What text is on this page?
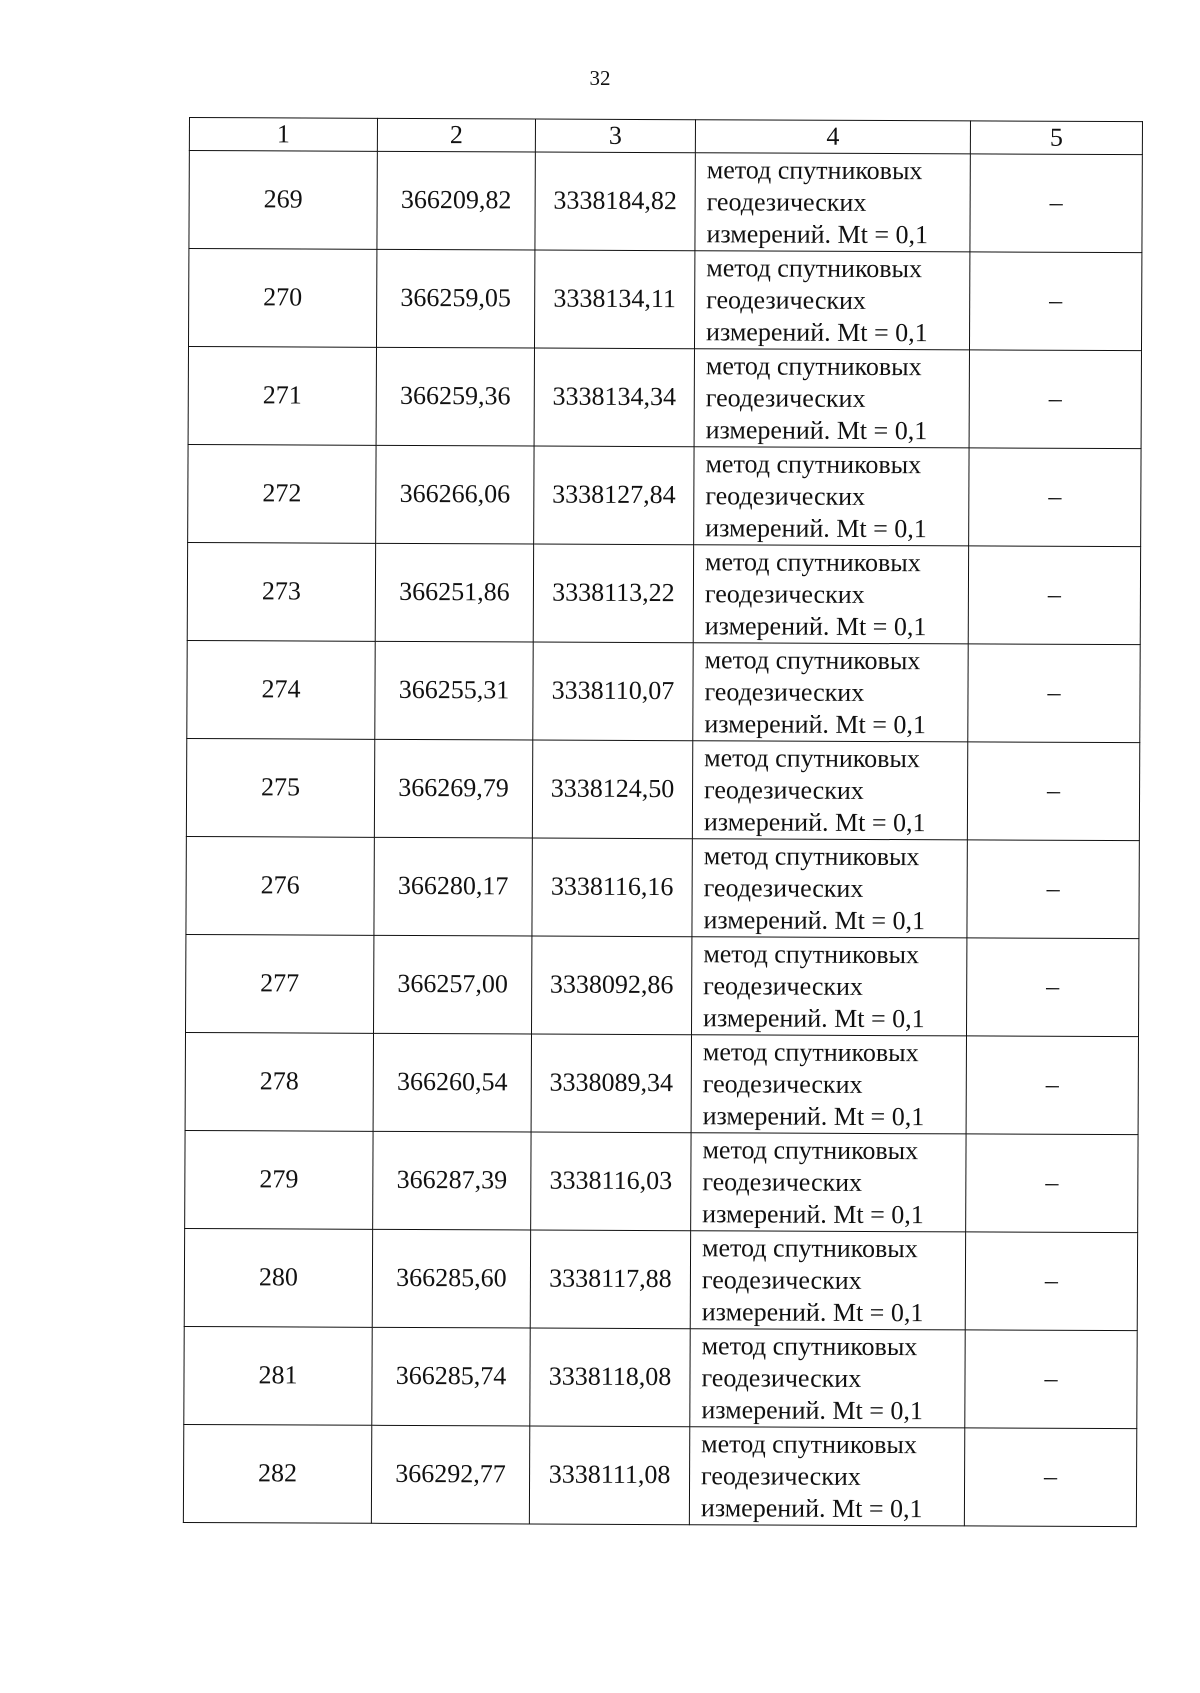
32
1	2	3	4	5
269	366209,82	3338184,82	метод спутниковых
геодезических
измерений. Mt = 0,1	–
270	366259,05	3338134,11	метод спутниковых
геодезических
измерений. Mt = 0,1	–
271	366259,36	3338134,34	метод спутниковых
геодезических
измерений. Mt = 0,1	–
272	366266,06	3338127,84	метод спутниковых
геодезических
измерений. Mt = 0,1	–
273	366251,86	3338113,22	метод спутниковых
геодезических
измерений. Mt = 0,1	–
274	366255,31	3338110,07	метод спутниковых
геодезических
измерений. Mt = 0,1	–
275	366269,79	3338124,50	метод спутниковых
геодезических
измерений. Mt = 0,1	–
276	366280,17	3338116,16	метод спутниковых
геодезических
измерений. Mt = 0,1	–
277	366257,00	3338092,86	метод спутниковых
геодезических
измерений. Mt = 0,1	–
278	366260,54	3338089,34	метод спутниковых
геодезических
измерений. Mt = 0,1	–
279	366287,39	3338116,03	метод спутниковых
геодезических
измерений. Mt = 0,1	–
280	366285,60	3338117,88	метод спутниковых
геодезических
измерений. Mt = 0,1	–
281	366285,74	3338118,08	метод спутниковых
геодезических
измерений. Mt = 0,1	–
282	366292,77	3338111,08	метод спутниковых
геодезических
измерений. Mt = 0,1	–
